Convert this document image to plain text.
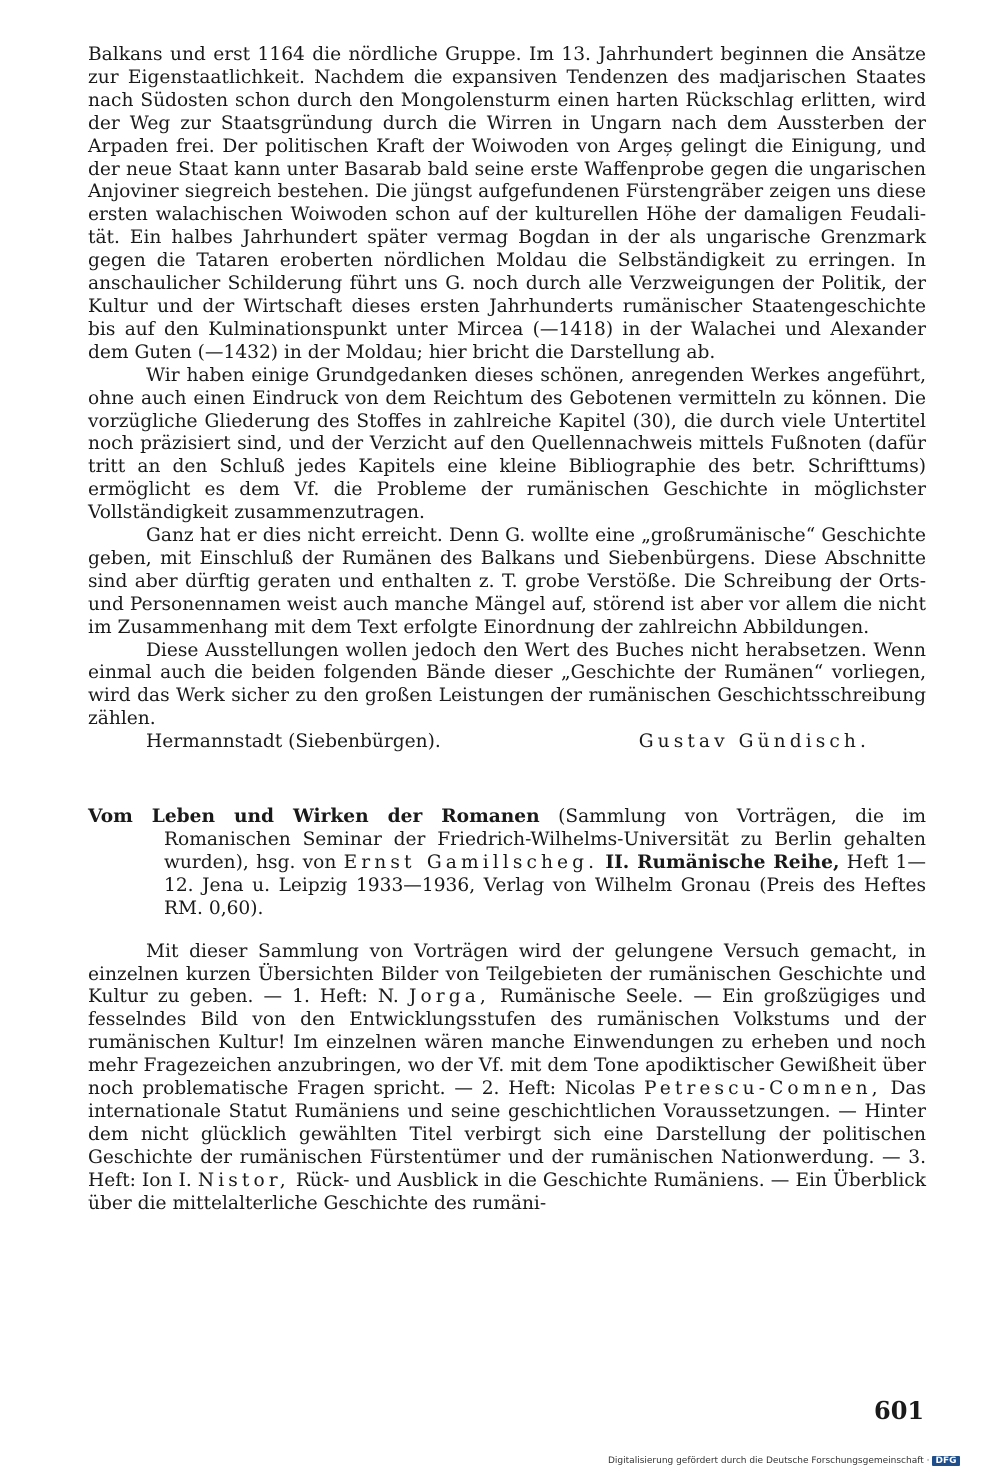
Balkans und erst 1164 die nördliche Gruppe. Im 13. Jahrhundert beginnen die Ansätze zur Eigenstaatlichkeit. Nachdem die expansiven Tendenzen des madjarischen Staates nach Südosten schon durch den Mongolensturm einen harten Rückschlag erlitten, wird der Weg zur Staatsgründung durch die Wirren in Ungarn nach dem Aussterben der Arpaden frei. Der politischen Kraft der Woiwoden von Argeș gelingt die Einigung, und der neue Staat kann unter Basarab bald seine erste Waffenprobe gegen die ungarischen Anjoviner siegreich bestehen. Die jüngst aufgefundenen Fürstengräber zeigen uns diese ersten walachischen Woiwoden schon auf der kulturellen Höhe der damaligen Feudalität. Ein halbes Jahrhundert später vermag Bogdan in der als ungarische Grenzmark gegen die Tataren eroberten nördlichen Moldau die Selbständigkeit zu erringen. In anschaulicher Schilderung führt uns G. noch durch alle Verzweigungen der Politik, der Kultur und der Wirtschaft dieses ersten Jahrhunderts rumänischer Staatengeschichte bis auf den Kulminationspunkt unter Mircea (—1418) in der Walachei und Alexander dem Guten (—1432) in der Moldau; hier bricht die Darstellung ab.

Wir haben einige Grundgedanken dieses schönen, anregenden Werkes angeführt, ohne auch einen Eindruck von dem Reichtum des Gebotenen vermitteln zu können. Die vorzügliche Gliederung des Stoffes in zahlreiche Kapitel (30), die durch viele Untertitel noch präzisiert sind, und der Verzicht auf den Quellennachweis mittels Fußnoten (dafür tritt an den Schluß jedes Kapitels eine kleine Bibliographie des betr. Schrifttums) ermöglicht es dem Vf. die Probleme der rumänischen Geschichte in möglichster Vollständigkeit zusammenzutragen.

Ganz hat er dies nicht erreicht. Denn G. wollte eine „großrumänische“ Geschichte geben, mit Einschluß der Rumänen des Balkans und Siebenbürgens. Diese Abschnitte sind aber dürftig geraten und enthalten z. T. grobe Verstöße. Die Schreibung der Orts- und Personennamen weist auch manche Mängel auf, störend ist aber vor allem die nicht im Zusammenhang mit dem Text erfolgte Einordnung der zahlreichn Abbildungen.

Diese Ausstellungen wollen jedoch den Wert des Buches nicht herabsetzen. Wenn einmal auch die beiden folgenden Bände dieser „Geschichte der Rumänen“ vorliegen, wird das Werk sicher zu den großen Leistungen der rumänischen Geschichtsschreibung zählen.

Hermannstadt (Siebenbürgen).	Gustav Gündisch.
Vom Leben und Wirken der Romanen (Sammlung von Vorträgen, die im Romanischen Seminar der Friedrich-Wilhelms-Universität zu Berlin gehalten wurden), hsg. von Ernst Gamillscheg. II. Rumänische Reihe, Heft 1—12. Jena u. Leipzig 1933—1936, Verlag von Wilhelm Gronau (Preis des Heftes RM. 0,60).

Mit dieser Sammlung von Vorträgen wird der gelungene Versuch gemacht, in einzelnen kurzen Übersichten Bilder von Teilgebieten der rumänischen Geschichte und Kultur zu geben. — 1. Heft: N. Jorga, Rumänische Seele. — Ein großzügiges und fesselndes Bild von den Entwicklungsstufen des rumänischen Volkstums und der rumänischen Kultur! Im einzelnen wären manche Einwendungen zu erheben und noch mehr Fragezeichen anzubringen, wo der Vf. mit dem Tone apodiktischer Gewißheit über noch problematische Fragen spricht. — 2. Heft: Nicolas Petrescu-Comnen, Das internationale Statut Rumäniens und seine geschichtlichen Voraussetzungen. — Hinter dem nicht glücklich gewählten Titel verbirgt sich eine Darstellung der politischen Geschichte der rumänischen Fürstentümer und der rumänischen Nationwerdung. — 3. Heft: Ion I. Nistor, Rück- und Ausblick in die Geschichte Rumäniens. — Ein Überblick über die mittelalterliche Geschichte des rumäni-

601
Digitalisierung gefördert durch die Deutsche Forschungsgemeinschaft · DFG
